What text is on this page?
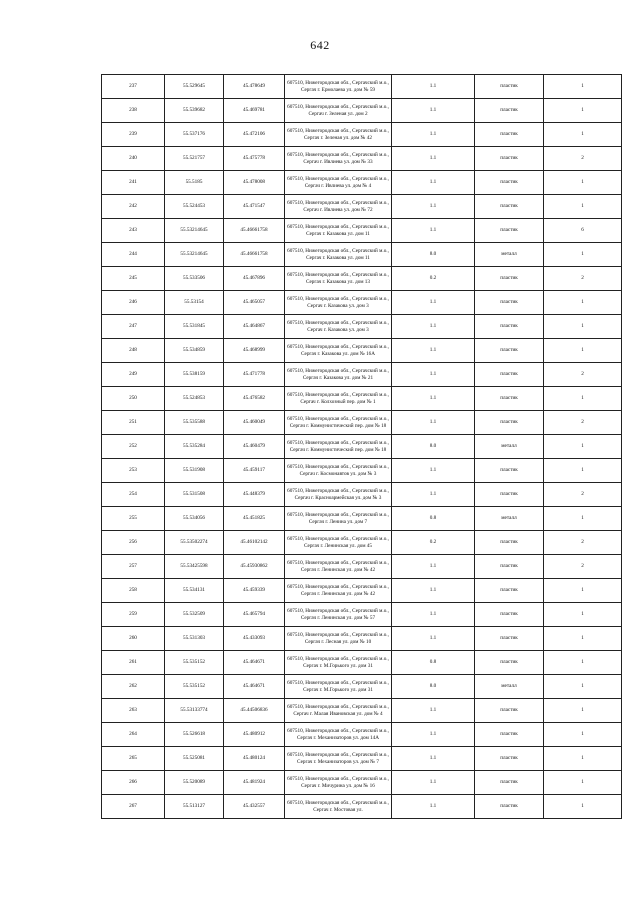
642
237	55.529645	45.478649	607510, Нижегородская обл., Сергачский м.о., Сергач г. Ермолаева ул. дом № 59	1.1	пластик	1
238	55.539682	45.469781	607510, Нижегородская обл., Сергачский м.о., Сергач г. Зеленая ул. дом 2	1.1	пластик	1
239	55.537176	45.472106	607510, Нижегородская обл., Сергачский м.о., Сергач г. Зеленая ул. дом № 42	1.1	пластик	1
240	55.521757	45.475778	607510, Нижегородская обл., Сергачский м.о., Сергач г. Ивлиева ул. дом № 33	1.1	пластик	2
241	55.5185	45.478008	607510, Нижегородская обл., Сергачский м.о., Сергач г. Ивлиева ул. дом № 4	1.1	пластик	1
242	55.524453	45.471547	607510, Нижегородская обл., Сергачский м.о., Сергач г. Ивлиева ул. дом № 72	1.1	пластик	1
243	55.53214645	45.46661758	607510, Нижегородская обл., Сергачский м.о., Сергач г. Казакова ул. дом 11	1.1	пластик	6
244	55.53214645	45.46661758	607510, Нижегородская обл., Сергачский м.о., Сергач г. Казакова ул. дом 11	8.0	металл	1
245	55.533506	45.467896	607510, Нижегородская обл., Сергачский м.о., Сергач г. Казакова ул. дом 13	0.2	пластик	2
246	55.53154	45.465057	607510, Нижегородская обл., Сергачский м.о., Сергач г. Казакова ул. дом 3	1.1	пластик	1
247	55.531845	45.464867	607510, Нижегородская обл., Сергачский м.о., Сергач г. Казакова ул. дом 3	1.1	пластик	1
248	55.534859	45.468999	607510, Нижегородская обл., Сергачский м.о., Сергач г. Казакова ул. дом № 16А	1.1	пластик	1
249	55.538159	45.471778	607510, Нижегородская обл., Сергачский м.о., Сергач г. Казакова ул. дом № 21	1.1	пластик	2
250	55.524853	45.476582	607510, Нижегородская обл., Сергачский м.о., Сергач г. Колхозный пер. дом № 1	1.1	пластик	1
251	55.535588	45.460049	607510, Нижегородская обл., Сергачский м.о., Сергач г. Коммунистический пер. дом № 18	1.1	пластик	2
252	55.535284	45.460479	607510, Нижегородская обл., Сергачский м.о., Сергач г. Коммунистический пер. дом № 18	8.0	металл	1
253	55.531908	45.459117	607510, Нижегородская обл., Сергачский м.о., Сергач г. Космонавтов ул. дом № 3	1.1	пластик	1
254	55.531508	45.448379	607510, Нижегородская обл., Сергачский м.о., Сергач г. Красноармейская ул. дом № 3	1.1	пластик	2
255	55.534056	45.451825	607510, Нижегородская обл., Сергачский м.о., Сергач г. Ленина ул. дом 7	0.8	металл	1
256	55.53502274	45.46102142	607510, Нижегородская обл., Сергачский м.о., Сергач г. Ленинская ул. дом 45	0.2	пластик	2
257	55.53425598	45.45930862	607510, Нижегородская обл., Сергачский м.о., Сергач г. Ленинская ул. дом № 42	1.1	пластик	2
258	55.534131	45.459339	607510, Нижегородская обл., Сергачский м.о., Сергач г. Ленинская ул. дом № 42	1.1	пластик	1
259	55.532509	45.465794	607510, Нижегородская обл., Сергачский м.о., Сергач г. Ленинская ул. дом № 57	1.1	пластик	1
260	55.531303	45.433093	607510, Нижегородская обл., Сергачский м.о., Сергач г. Лесная ул. дом № 10	1.1	пластик	1
261	55.535152	45.464671	607510, Нижегородская обл., Сергачский м.о., Сергач г. М.Горького ул. дом 31	0.8	пластик	1
262	55.535152	45.464671	607510, Нижегородская обл., Сергачский м.о., Сергач г. М.Горького ул. дом 31	8.0	металл	1
263	55.53133774	45.44506836	607510, Нижегородская обл., Сергачский м.о., Сергач г. Малая Ивановская ул. дом № 4	1.1	пластик	1
264	55.526618	45.480912	607510, Нижегородская обл., Сергачский м.о., Сергач г. Механизаторов ул. дом 14А	1.1	пластик	1
265	55.525081	45.480124	607510, Нижегородская обл., Сергачский м.о., Сергач г. Механизаторов ул. дом № 7	1.1	пластик	1
266	55.520089	45.481924	607510, Нижегородская обл., Сергачский м.о., Сергач г. Мичурина ул. дом № 16	1.1	пластик	1
267	55.513127	45.432557	607510, Нижегородская обл., Сергачский м.о., Сергач г. Мостовая ул.	1.1	пластик	1
